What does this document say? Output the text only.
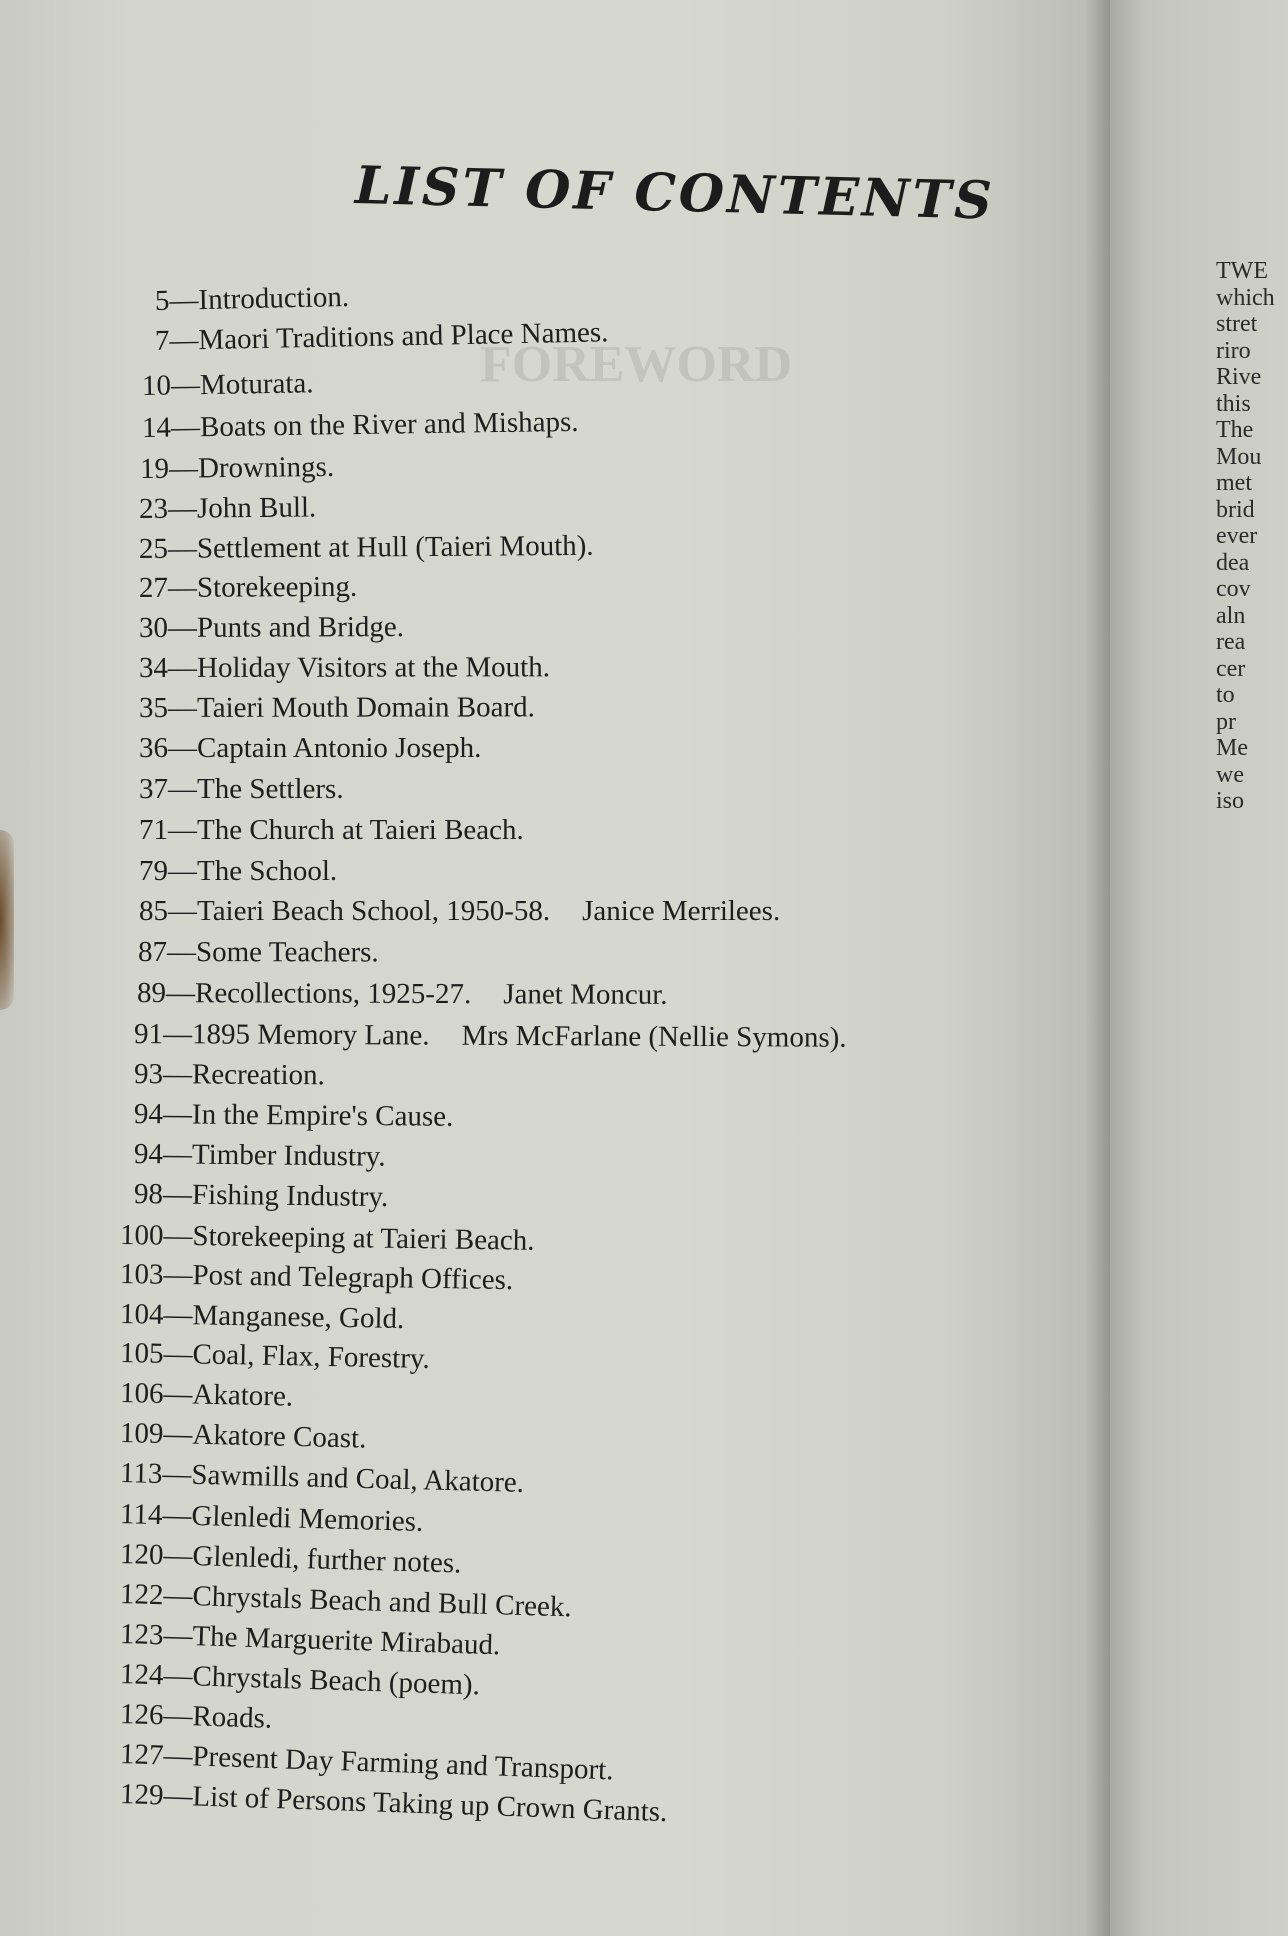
FOREWORD
LIST OF CONTENTS
5—Introduction.
7—Maori Traditions and Place Names.
10—Moturata.
14—Boats on the River and Mishaps.
19—Drownings.
23—John Bull.
25—Settlement at Hull (Taieri Mouth).
27—Storekeeping.
30—Punts and Bridge.
34—Holiday Visitors at the Mouth.
35—Taieri Mouth Domain Board.
36—Captain Antonio Joseph.
37—The Settlers.
71—The Church at Taieri Beach.
79—The School.
85—Taieri Beach School, 1950-58. Janice Merrilees.
87—Some Teachers.
89—Recollections, 1925-27. Janet Moncur.
91—1895 Memory Lane. Mrs McFarlane (Nellie Symons).
93—Recreation.
94—In the Empire's Cause.
94—Timber Industry.
98—Fishing Industry.
100—Storekeeping at Taieri Beach.
103—Post and Telegraph Offices.
104—Manganese, Gold.
105—Coal, Flax, Forestry.
106—Akatore.
109—Akatore Coast.
113—Sawmills and Coal, Akatore.
114—Glenledi Memories.
120—Glenledi, further notes.
122—Chrystals Beach and Bull Creek.
123—The Marguerite Mirabaud.
124—Chrystals Beach (poem).
126—Roads.
127—Present Day Farming and Transport.
129—List of Persons Taking up Crown Grants.
TWE
which
stret
riro
Rive
this
The
Mou
met
brid
ever
dea
cov
aln
rea
cer
to
pr
Me
we
iso
